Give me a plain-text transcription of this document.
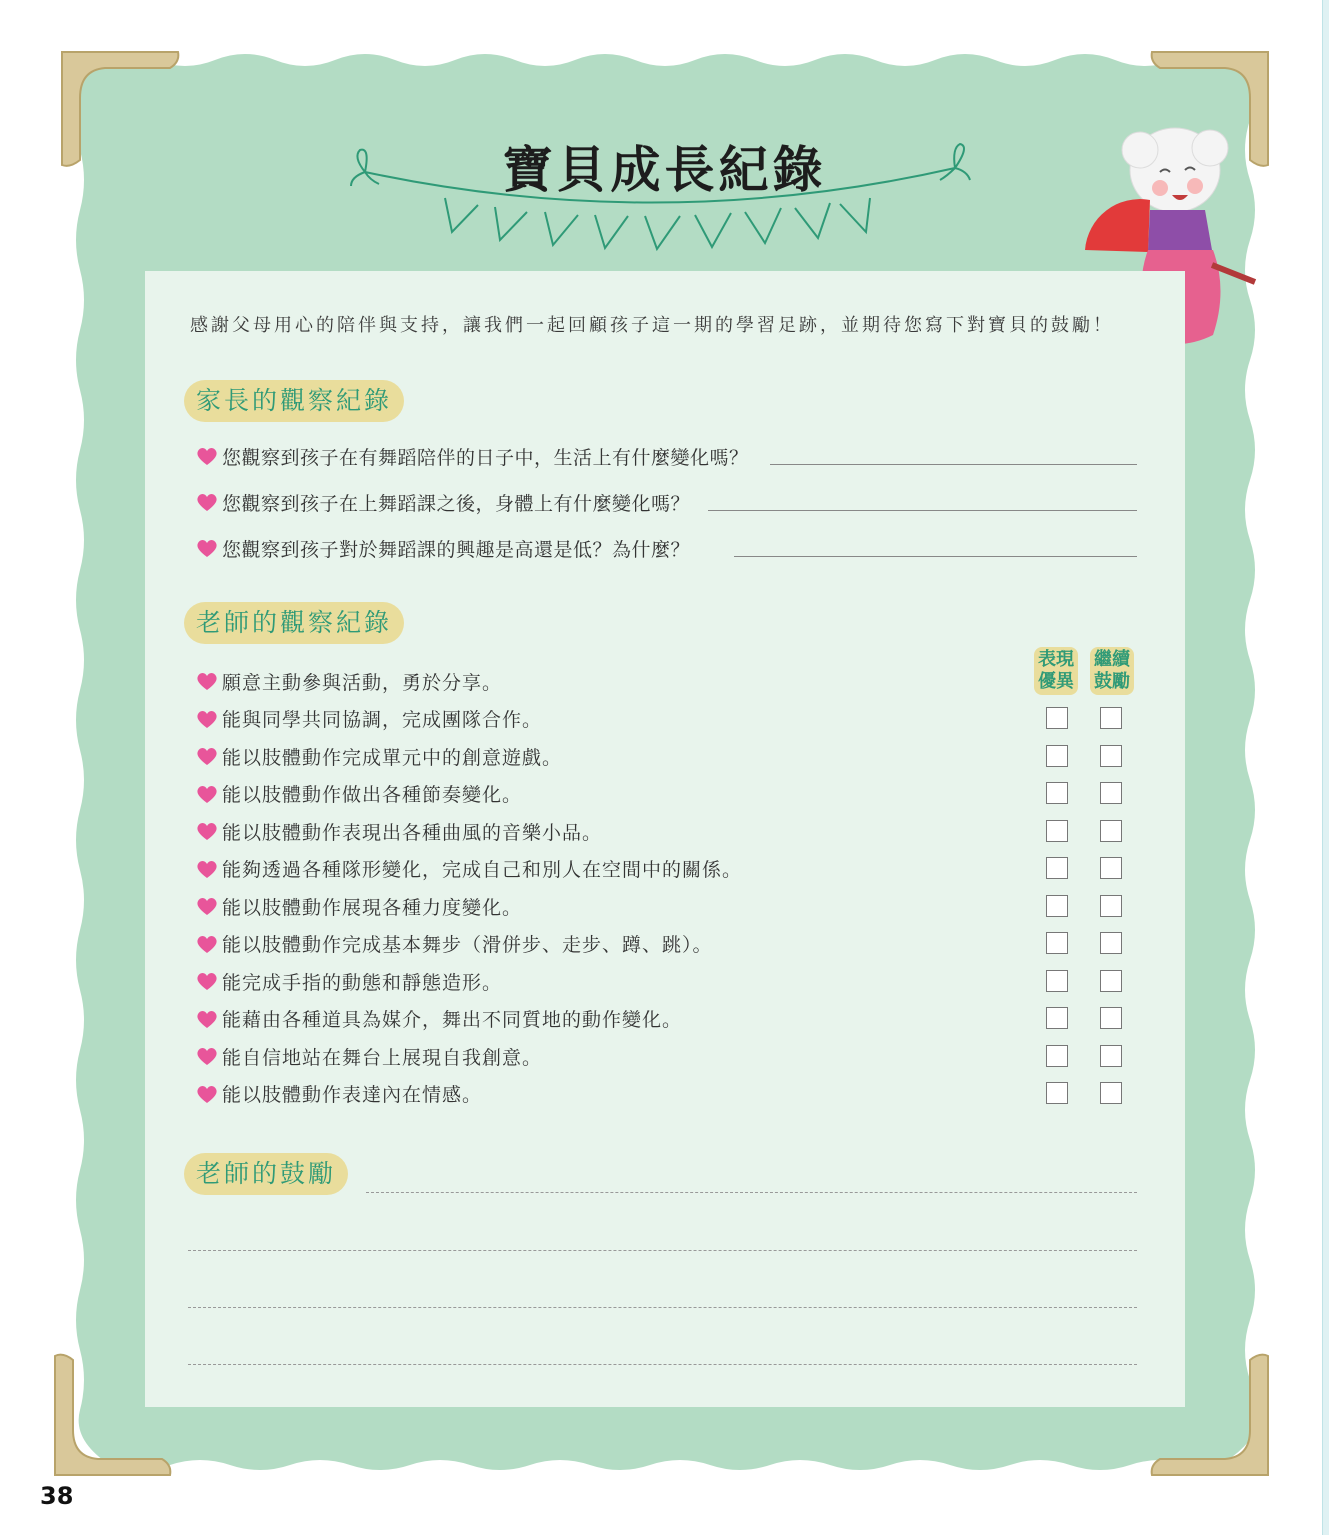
寶貝成長紀錄
感謝父母用心的陪伴與支持，讓我們一起回顧孩子這一期的學習足跡，並期待您寫下對寶貝的鼓勵！
家長的觀察紀錄
您觀察到孩子在有舞蹈陪伴的日子中，生活上有什麼變化嗎？
您觀察到孩子在上舞蹈課之後，身體上有什麼變化嗎？
您觀察到孩子對於舞蹈課的興趣是高還是低？為什麼？
老師的觀察紀錄
表現
優異
繼續
鼓勵
願意主動參與活動，勇於分享。
能與同學共同協調，完成團隊合作。
能以肢體動作完成單元中的創意遊戲。
能以肢體動作做出各種節奏變化。
能以肢體動作表現出各種曲風的音樂小品。
能夠透過各種隊形變化，完成自己和別人在空間中的關係。
能以肢體動作展現各種力度變化。
能以肢體動作完成基本舞步（滑併步、走步、蹲、跳）。
能完成手指的動態和靜態造形。
能藉由各種道具為媒介，舞出不同質地的動作變化。
能自信地站在舞台上展現自我創意。
能以肢體動作表達內在情感。
老師的鼓勵
38
